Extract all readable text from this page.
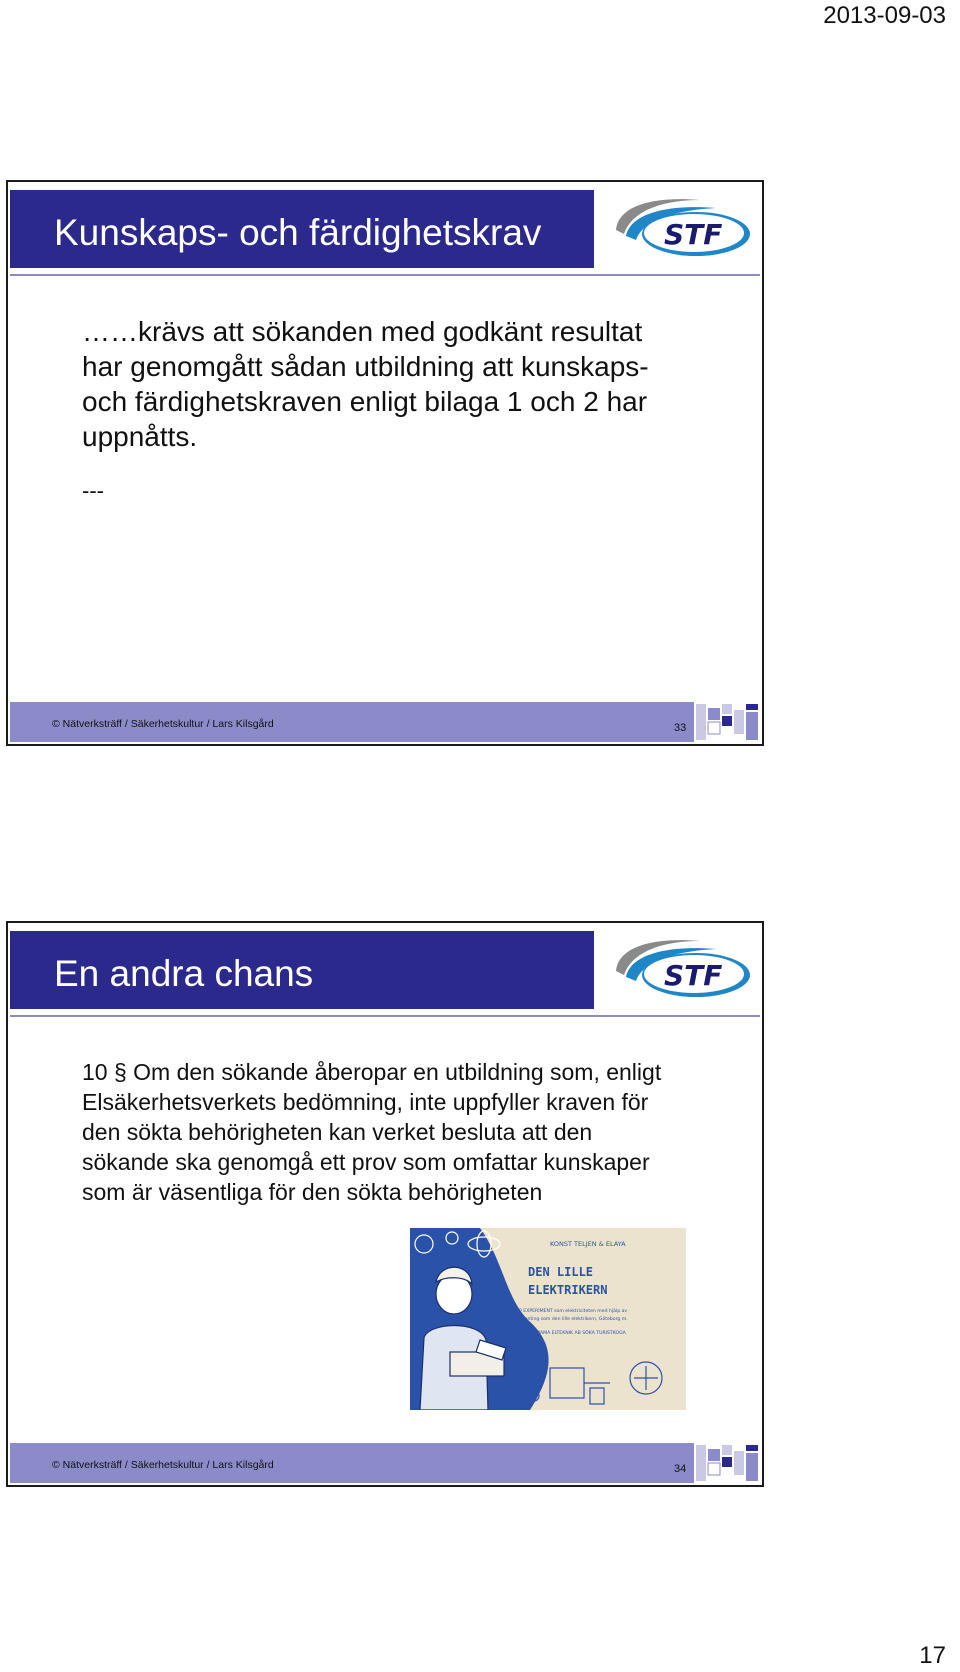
2013-09-03
Kunskaps- och färdighetskrav	STF
……krävs att sökanden med godkänt resultat
har genomgått sådan utbildning att kunskaps-
och färdighetskraven enligt bilaga 1 och 2 har
uppnåtts.
---
© Nätverksträff / Säkerhetskultur / Lars Kilsgård	33
En andra chans	STF
10 § Om den sökande åberopar en utbildning som, enligt
Elsäkerhetsverkets bedömning, inte uppfyller kraven för
den sökta behörigheten kan verket besluta att den
sökande ska genomgå ett prov som omfattar kunskaper
som är väsentliga för den sökta behörigheten
KONST TELJEN & ELAYA
DEN LILLE
ELEKTRIKERN
60 EXPERIMENT som elektriciteten med hjälp av
någonting som den lille elektrikern, Göteborg m.
MAMA ELTEKNIK AB SÖKA TURISTKOGA
© Nätverksträff / Säkerhetskultur / Lars Kilsgård	34
17
